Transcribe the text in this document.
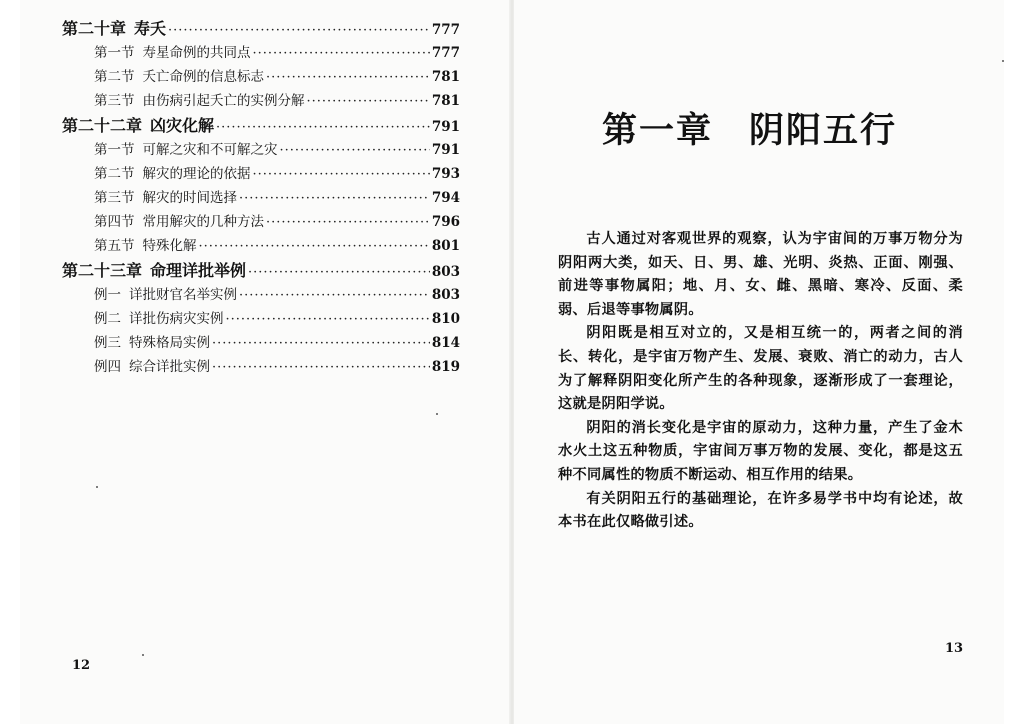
第二十章 寿夭 ·····	777
第一节 寿星命例的共同点 ·····	777
第二节 夭亡命例的信息标志 ·····	781
第三节 由伤病引起夭亡的实例分解 ·····	781
第二十二章 凶灾化解 ·····	791
第一节 可解之灾和不可解之灾 ·····	791
第二节 解灾的理论的依据 ·····	793
第三节 解灾的时间选择 ·····	794
第四节 常用解灾的几种方法 ·····	796
第五节 特殊化解 ·····	801
第二十三章 命理详批举例 ·····	803
例一 详批财官名举实例 ·····	803
例二 详批伤病灾实例 ·····	810
例三 特殊格局实例 ·····	814
例四 综合详批实例 ·····	819
12
第一章 阴阳五行

古人通过对客观世界的观察，认为宇宙间的万事万物分为阴阳两大类，如天、日、男、雄、光明、炎热、正面、刚强、前进等事物属阳；地、月、女、雌、黑暗、寒冷、反面、柔弱、后退等事物属阴。

阴阳既是相互对立的，又是相互统一的，两者之间的消长、转化，是宇宙万物产生、发展、衰败、消亡的动力，古人为了解释阴阳变化所产生的各种现象，逐渐形成了一套理论，这就是阴阳学说。

阴阳的消长变化是宇宙的原动力，这种力量，产生了金木水火土这五种物质，宇宙间万事万物的发展、变化，都是这五种不同属性的物质不断运动、相互作用的结果。

有关阴阳五行的基础理论，在许多易学书中均有论述，故本书在此仅略做引述。

13
